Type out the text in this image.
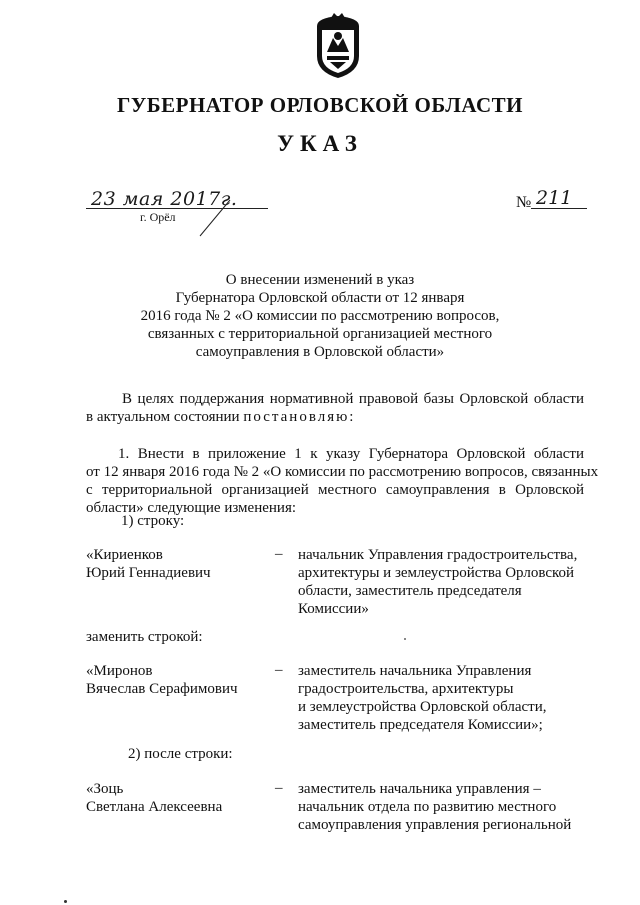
ГУБЕРНАТОР ОРЛОВСКОЙ ОБЛАСТИ
УКАЗ
23 мая 2017г.
г. Орёл
№ 211
О внесении изменений в указ
Губернатора Орловской области от 12 января
2016 года № 2 «О комиссии по рассмотрению вопросов,
связанных с территориальной организацией местного
самоуправления в Орловской области»
В целях поддержания нормативной правовой базы Орловской области
в актуальном состоянии постановляю:
1. Внести в приложение 1 к указу Губернатора Орловской области
от 12 января 2016 года № 2 «О комиссии по рассмотрению вопросов, связанных
с территориальной организацией местного самоуправления в Орловской
области» следующие изменения:
1) строку:
«Кириенков
Юрий Геннадиевич
– начальник Управления градостроительства,
архитектуры и землеустройства Орловской
области, заместитель председателя
Комиссии»
заменить строкой:
«Миронов
Вячеслав Серафимович
– заместитель начальника Управления
градостроительства, архитектуры
и землеустройства Орловской области,
заместитель председателя Комиссии»;
2) после строки:
«Зоць
Светлана Алексеевна
– заместитель начальника управления –
начальник отдела по развитию местного
самоуправления управления региональной
